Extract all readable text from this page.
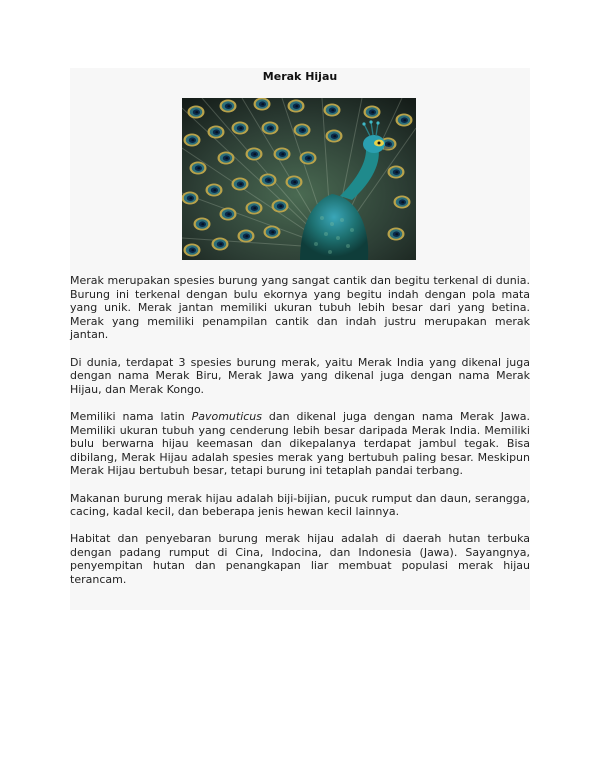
Merak Hijau

Merak merupakan spesies burung yang sangat cantik dan begitu terkenal di dunia. Burung ini terkenal dengan bulu ekornya yang begitu indah dengan pola mata yang unik. Merak jantan memiliki ukuran tubuh lebih besar dari yang betina. Merak yang memiliki penampilan cantik dan indah justru merupakan merak jantan.

Di dunia, terdapat 3 spesies burung merak, yaitu Merak India yang dikenal juga dengan nama Merak Biru, Merak Jawa yang dikenal juga dengan nama Merak Hijau, dan Merak Kongo.

Memiliki nama latin Pavomuticus dan dikenal juga dengan nama Merak Jawa. Memiliki ukuran tubuh yang cenderung lebih besar daripada Merak India. Memiliki bulu berwarna hijau keemasan dan dikepalanya terdapat jambul tegak. Bisa dibilang, Merak Hijau adalah spesies merak yang bertubuh paling besar. Meskipun Merak Hijau bertubuh besar, tetapi burung ini tetaplah pandai terbang.

Makanan burung merak hijau adalah biji-bijian, pucuk rumput dan daun, serangga, cacing, kadal kecil, dan beberapa jenis hewan kecil lainnya.

Habitat dan penyebaran burung merak hijau adalah di daerah hutan terbuka dengan padang rumput di Cina, Indocina, dan Indonesia (Jawa). Sayangnya, penyempitan hutan dan penangkapan liar membuat populasi merak hijau terancam.
